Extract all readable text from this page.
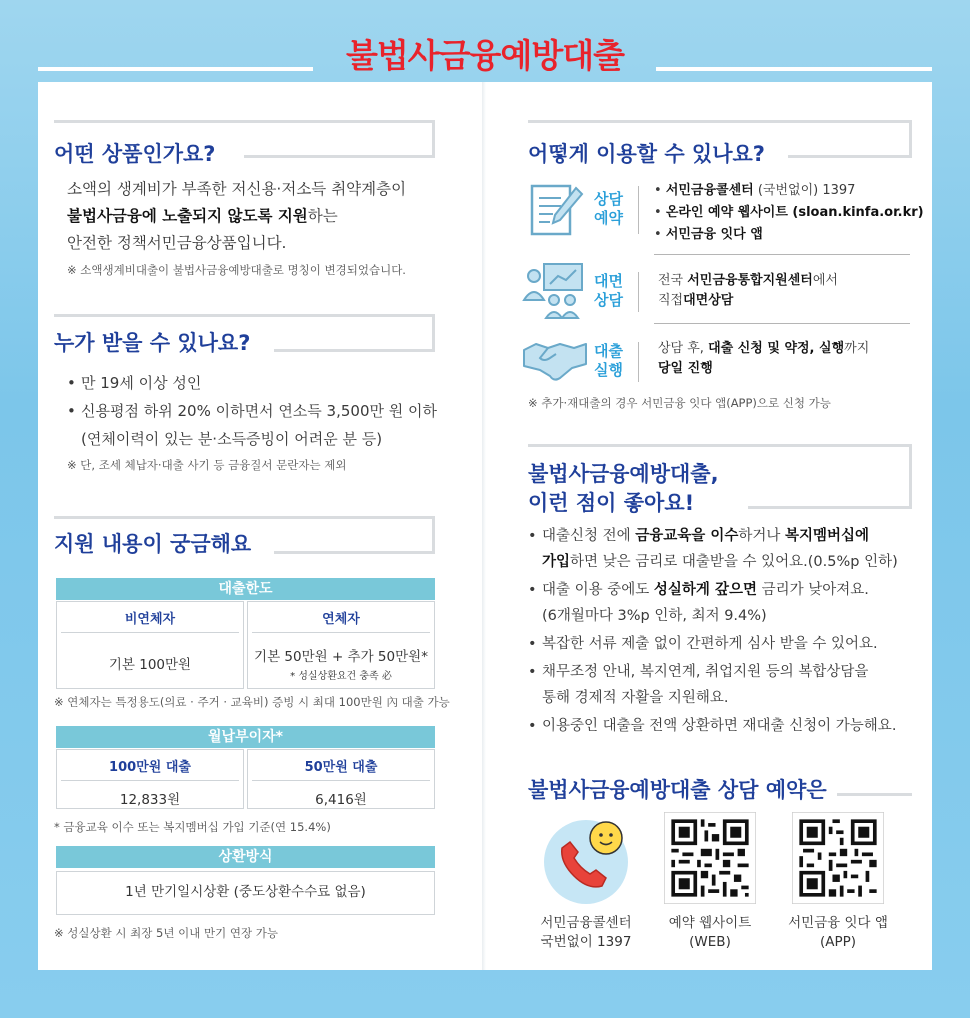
불법사금융예방대출
어떤 상품인가요?
소액의 생계비가 부족한 저신용·저소득 취약계층이
불법사금융에 노출되지 않도록 지원하는
안전한 정책서민금융상품입니다.
※ 소액생계비대출이 불법사금융예방대출로 명칭이 변경되었습니다.
누가 받을 수 있나요?
• 만 19세 이상 성인
• 신용평점 하위 20% 이하면서 연소득 3,500만 원 이하
(연체이력이 있는 분·소득증빙이 어려운 분 등)
※ 단, 조세 체납자·대출 사기 등 금융질서 문란자는 제외
지원 내용이 궁금해요
대출한도
비연체자
기본 100만원
연체자
기본 50만원 + 추가 50만원*
* 성실상환요건 충족 必
※ 연체자는 특정용도(의료 · 주거 · 교육비) 증빙 시 최대 100만원 內 대출 가능
월납부이자*
100만원 대출
12,833원
50만원 대출
6,416원
* 금융교육 이수 또는 복지멤버십 가입 기준(연 15.4%)
상환방식
1년 만기일시상환 (중도상환수수료 없음)
※ 성실상환 시 최장 5년 이내 만기 연장 가능
어떻게 이용할 수 있나요?
상담
예약
• 서민금융콜센터 (국번없이) 1397
• 온라인 예약 웹사이트 (sloan.kinfa.or.kr)
• 서민금융 잇다 앱
대면
상담
전국 서민금융통합지원센터에서
직접대면상담
대출
실행
상담 후, 대출 신청 및 약정, 실행까지
당일 진행
※ 추가·재대출의 경우 서민금융 잇다 앱(APP)으로 신청 가능
불법사금융예방대출,
이런 점이 좋아요!
• 대출신청 전에 금융교육을 이수하거나 복지멤버십에
가입하면 낮은 금리로 대출받을 수 있어요.(0.5%p 인하)
• 대출 이용 중에도 성실하게 갚으면 금리가 낮아져요.
(6개월마다 3%p 인하, 최저 9.4%)
• 복잡한 서류 제출 없이 간편하게 심사 받을 수 있어요.
• 채무조정 안내, 복지연계, 취업지원 등의 복합상담을
통해 경제적 자활을 지원해요.
• 이용중인 대출을 전액 상환하면 재대출 신청이 가능해요.
불법사금융예방대출 상담 예약은
서민금융콜센터
국번없이 1397
예약 웹사이트
(WEB)
서민금융 잇다 앱
(APP)
